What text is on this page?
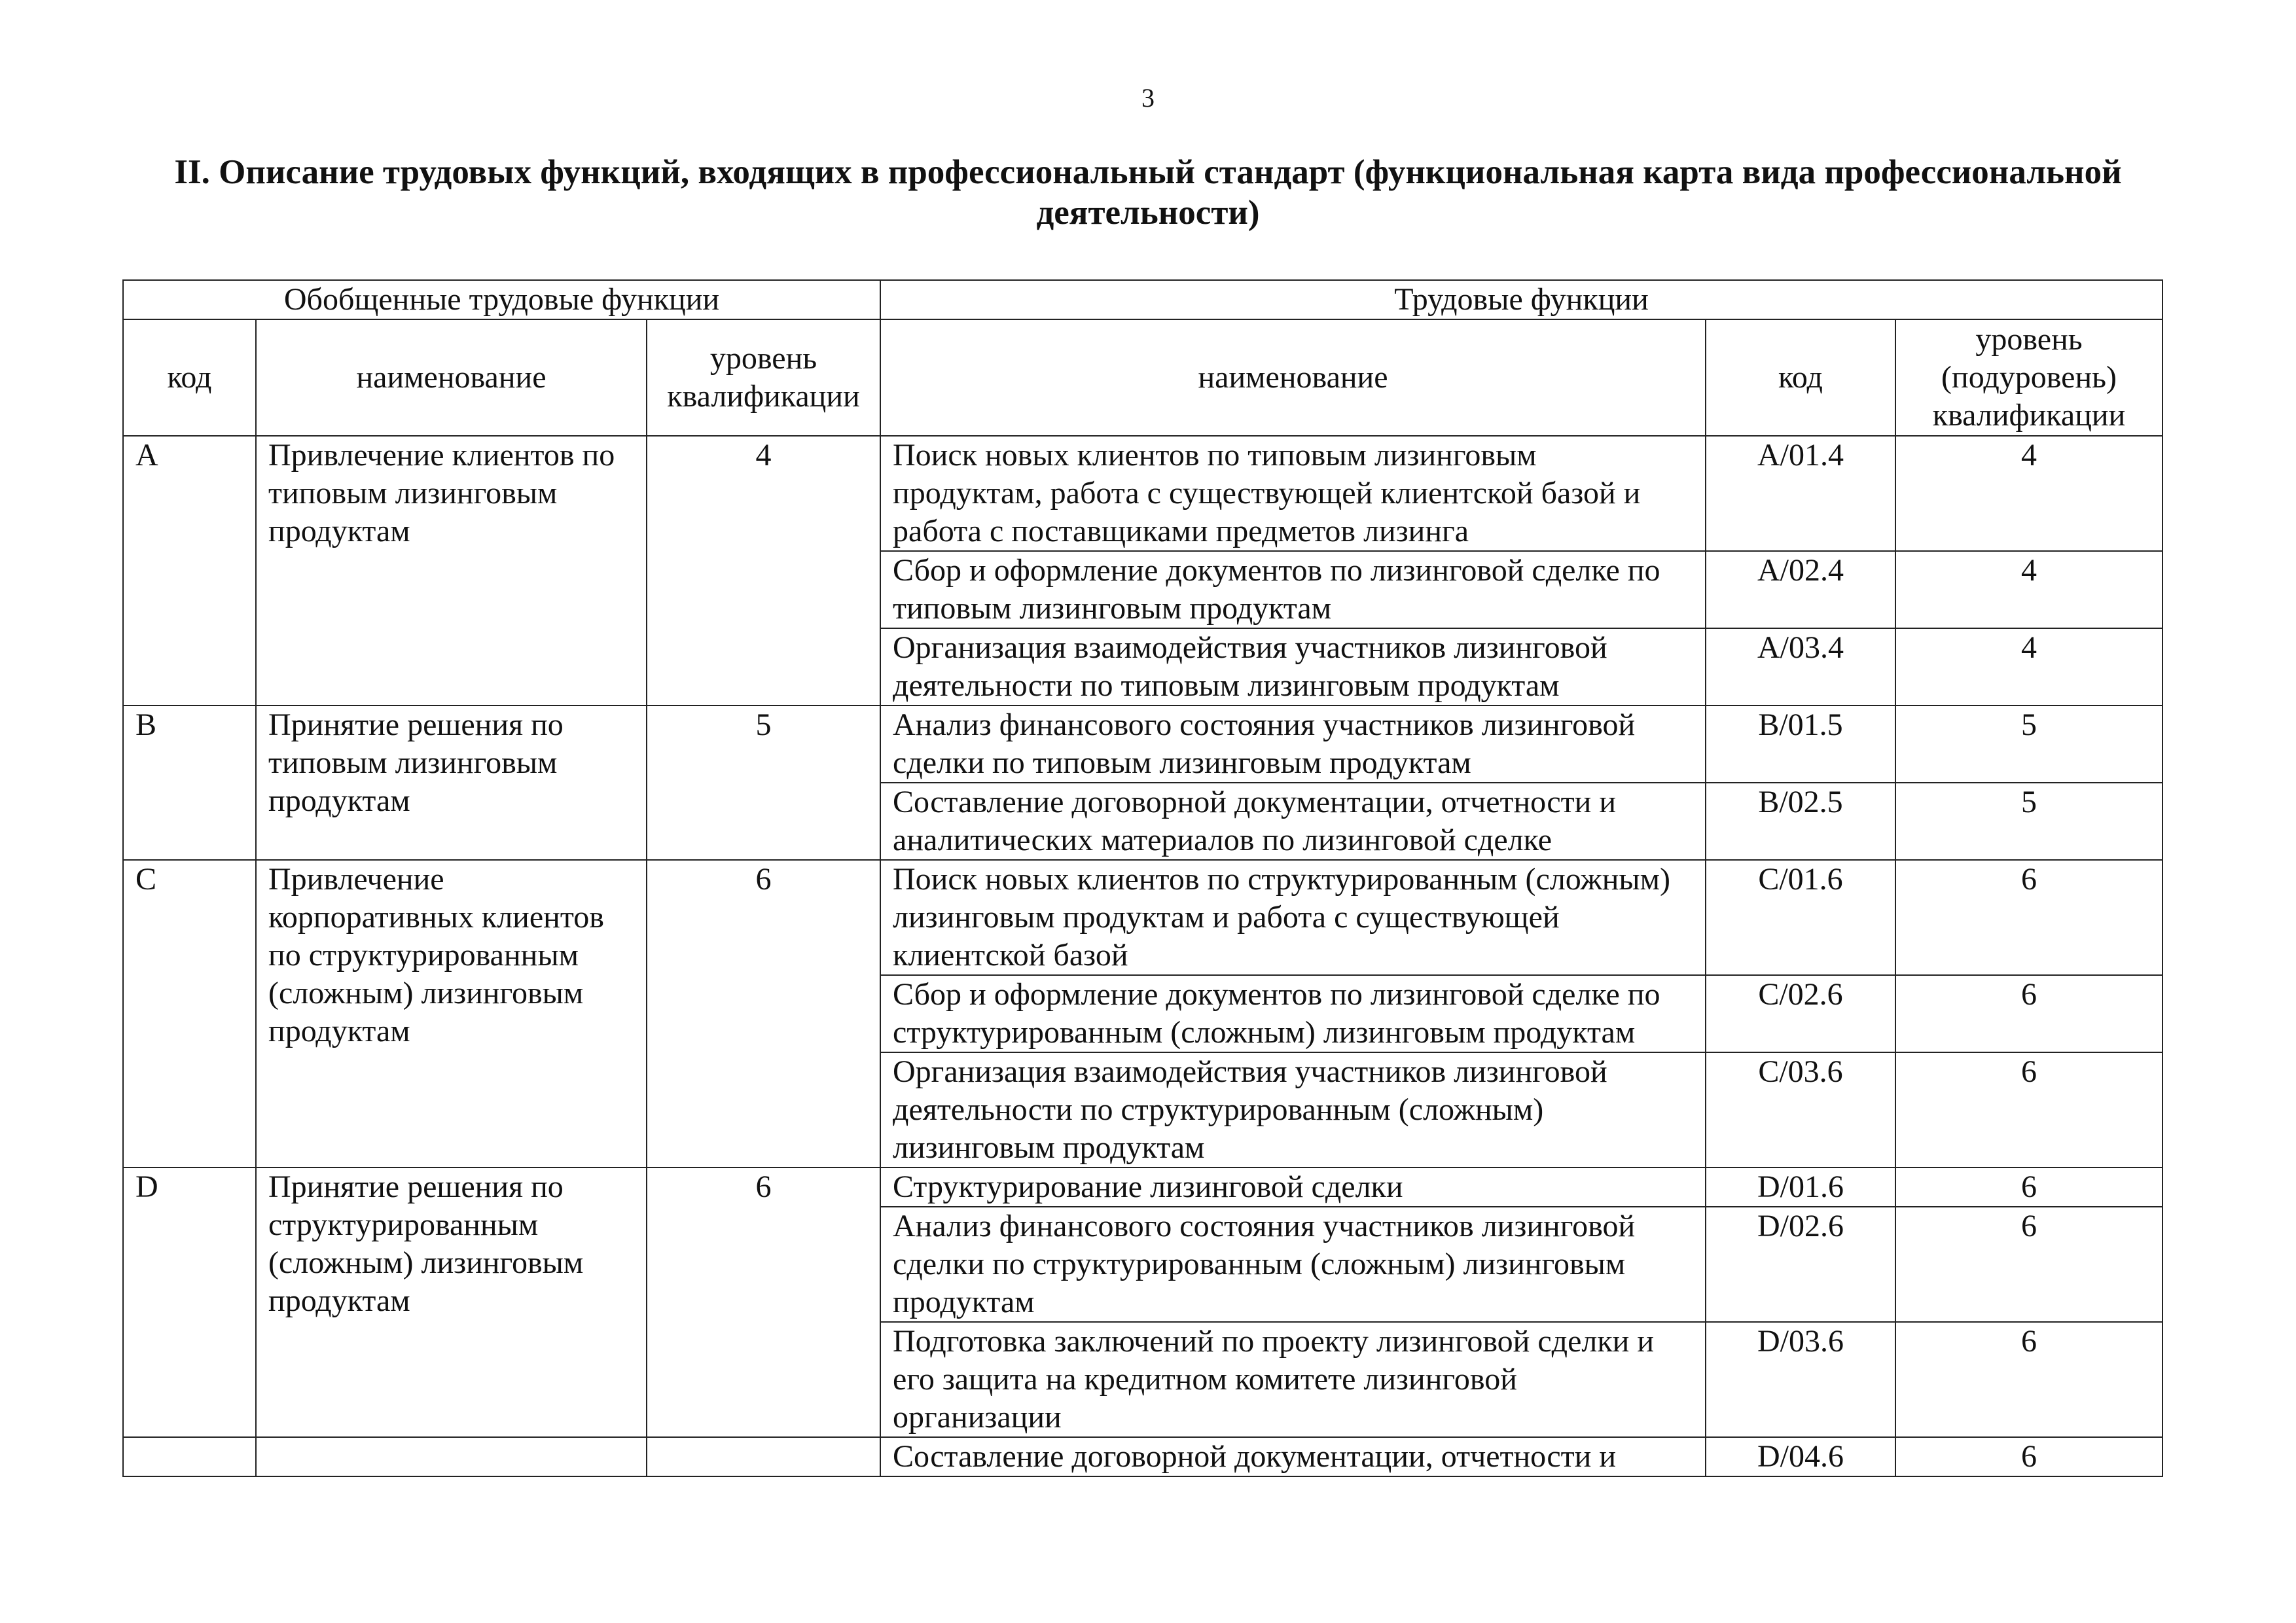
3
II. Описание трудовых функций, входящих в профессиональный стандарт (функциональная карта вида профессиональной деятельности)
Обобщенные трудовые функции			Трудовые функции		
код	наименование	уровень квалификации	наименование	код	уровень (подуровень) квалификации
A	Привлечение клиентов по типовым лизинговым продуктам	4	Поиск новых клиентов по типовым лизинговым продуктам, работа с существующей клиентской базой и работа с поставщиками предметов лизинга	A/01.4	4
			Сбор и оформление документов по лизинговой сделке по типовым лизинговым продуктам	A/02.4	4
			Организация взаимодействия участников лизинговой деятельности по типовым лизинговым продуктам	A/03.4	4
B	Принятие решения по типовым лизинговым продуктам	5	Анализ финансового состояния участников лизинговой сделки по типовым лизинговым продуктам	B/01.5	5
			Составление договорной документации, отчетности и аналитических материалов по лизинговой сделке	B/02.5	5
C	Привлечение корпоративных клиентов по структурированным (сложным) лизинговым продуктам	6	Поиск новых клиентов по структурированным (сложным) лизинговым продуктам и работа с существующей клиентской базой	C/01.6	6
			Сбор и оформление документов по лизинговой сделке по структурированным (сложным) лизинговым продуктам	C/02.6	6
			Организация взаимодействия участников лизинговой деятельности по структурированным (сложным) лизинговым продуктам	C/03.6	6
D	Принятие решения по структурированным (сложным) лизинговым продуктам	6	Структурирование лизинговой сделки	D/01.6	6
			Анализ финансового состояния участников лизинговой сделки по структурированным (сложным) лизинговым продуктам	D/02.6	6
			Подготовка заключений по проекту лизинговой сделки и его защита на кредитном комитете лизинговой организации	D/03.6	6
			Составление договорной документации, отчетности и	D/04.6	6
